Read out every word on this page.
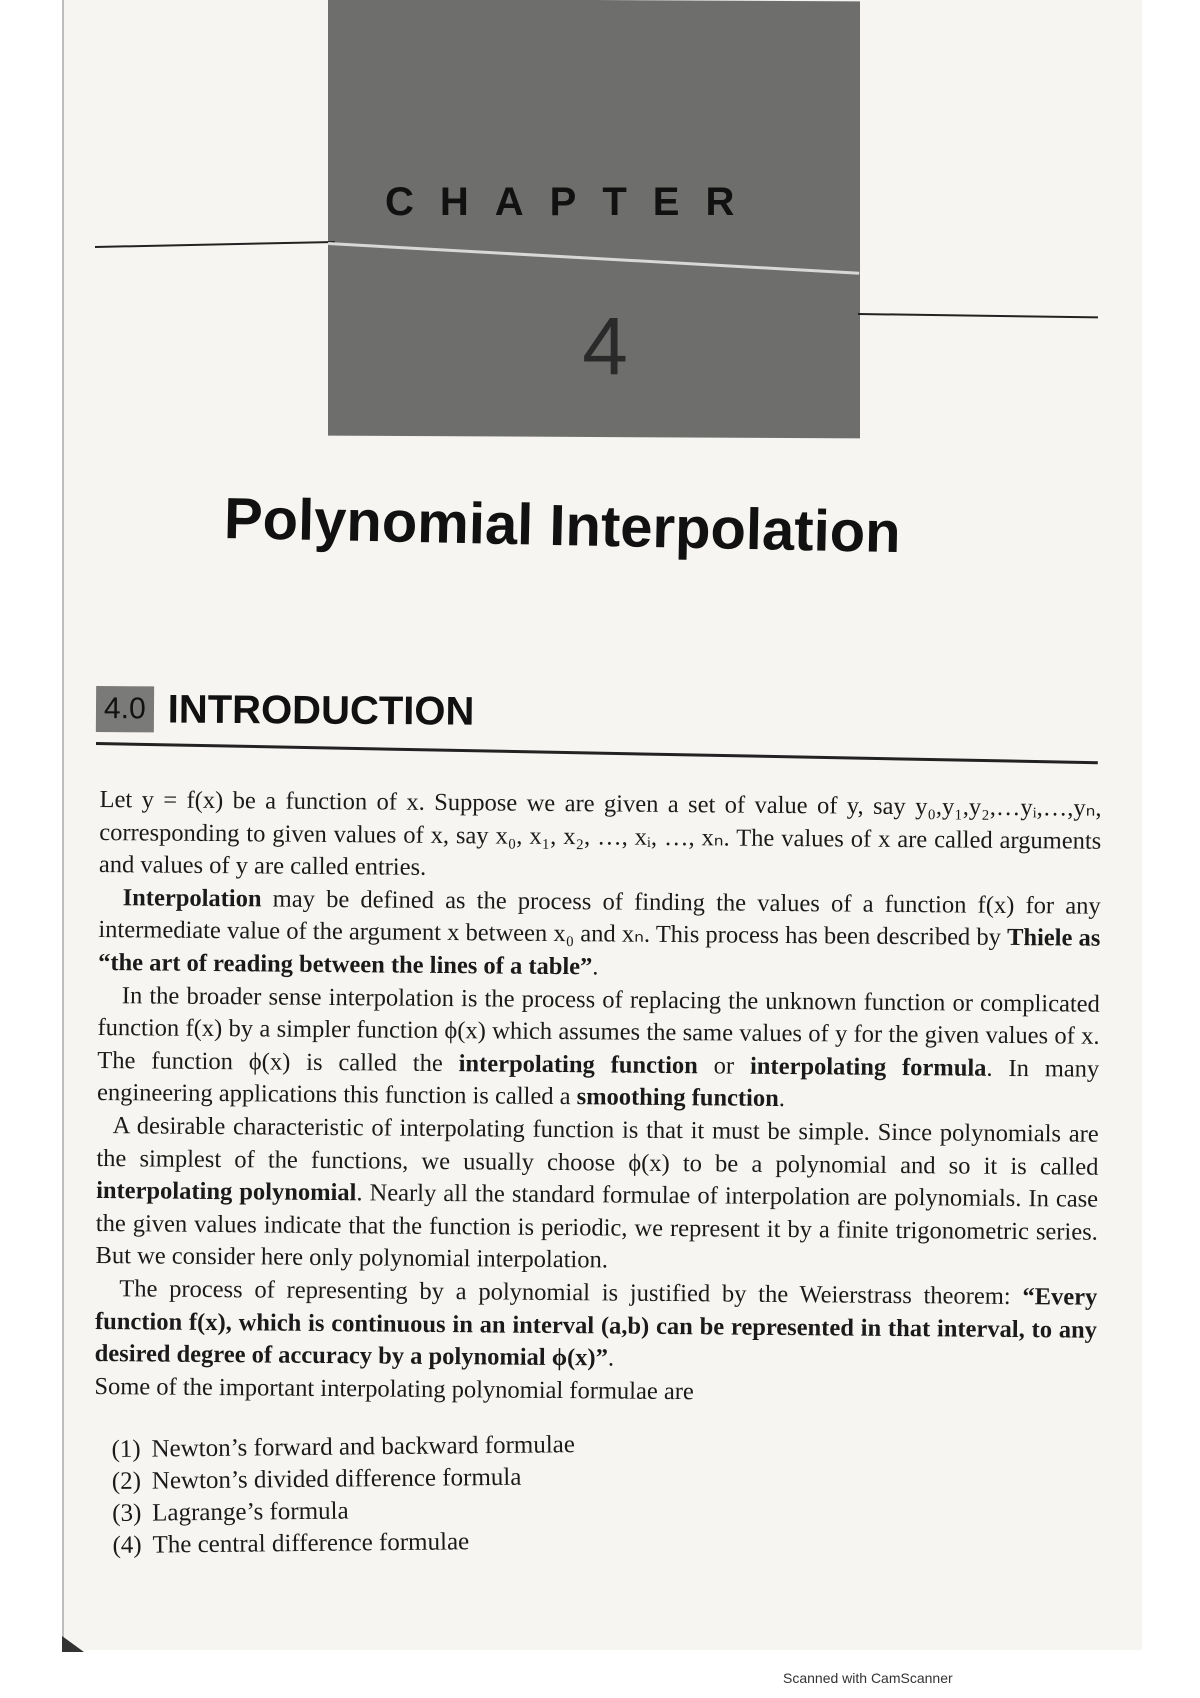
CHAPTER
4
Polynomial Interpolation
4.0 INTRODUCTION

Let y = f(x) be a function of x. Suppose we are given a set of value of y, say y₀,y₁,y₂,…yᵢ,…,yₙ, corresponding to given values of x, say x₀, x₁, x₂, …, xᵢ, …, xₙ. The values of x are called arguments and values of y are called entries.

Interpolation may be defined as the process of finding the values of a function f(x) for any intermediate value of the argument x between x₀ and xₙ. This process has been described by Thiele as “the art of reading between the lines of a table”.

In the broader sense interpolation is the process of replacing the unknown function or complicated function f(x) by a simpler function ϕ(x) which assumes the same values of y for the given values of x. The function ϕ(x) is called the interpolating function or interpolating formula. In many engineering applications this function is called a smoothing function.

A desirable characteristic of interpolating function is that it must be simple. Since polynomials are the simplest of the functions, we usually choose ϕ(x) to be a polynomial and so it is called interpolating polynomial. Nearly all the standard formulae of interpolation are polynomials. In case the given values indicate that the function is periodic, we represent it by a finite trigonometric series. But we consider here only polynomial interpolation.

The process of representing by a polynomial is justified by the Weierstrass theorem: “Every function f(x), which is continuous in an interval (a,b) can be represented in that interval, to any desired degree of accuracy by a polynomial ϕ(x)”.

Some of the important interpolating polynomial formulae are

(1) Newton’s forward and backward formulae
(2) Newton’s divided difference formula
(3) Lagrange’s formula
(4) The central difference formulae
Scanned with CamScanner
